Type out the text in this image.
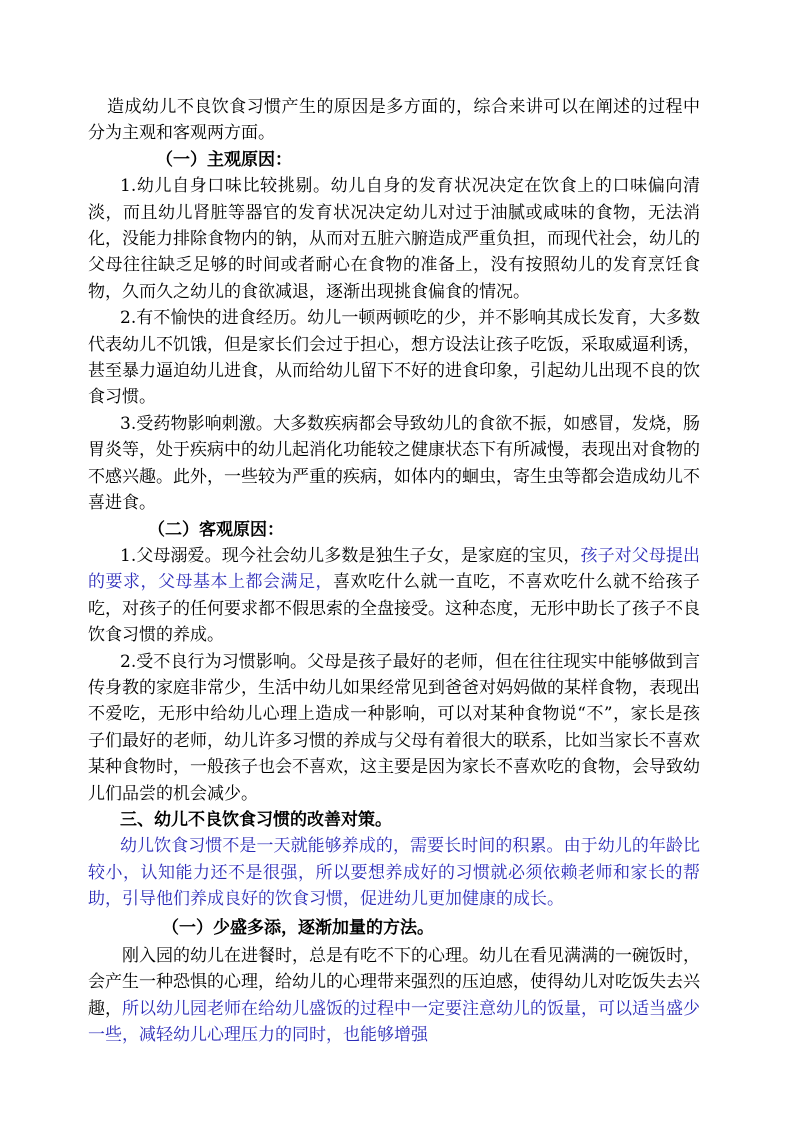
造成幼儿不良饮食习惯产生的原因是多方面的，综合来讲可以在阐述的过程中分为主观和客观两方面。

（一）主观原因：

1.幼儿自身口味比较挑剔。幼儿自身的发育状况决定在饮食上的口味偏向清淡，而且幼儿肾脏等器官的发育状况决定幼儿对过于油腻或咸味的食物，无法消化，没能力排除食物内的钠，从而对五脏六腑造成严重负担，而现代社会，幼儿的父母往往缺乏足够的时间或者耐心在食物的准备上，没有按照幼儿的发育烹饪食物，久而久之幼儿的食欲减退，逐渐出现挑食偏食的情况。

2.有不愉快的进食经历。幼儿一顿两顿吃的少，并不影响其成长发育，大多数代表幼儿不饥饿，但是家长们会过于担心，想方设法让孩子吃饭，采取威逼利诱，甚至暴力逼迫幼儿进食，从而给幼儿留下不好的进食印象，引起幼儿出现不良的饮食习惯。

3.受药物影响刺激。大多数疾病都会导致幼儿的食欲不振，如感冒，发烧，肠胃炎等，处于疾病中的幼儿起消化功能较之健康状态下有所减慢，表现出对食物的不感兴趣。此外，一些较为严重的疾病，如体内的蛔虫，寄生虫等都会造成幼儿不喜进食。

（二）客观原因：

1.父母溺爱。现今社会幼儿多数是独生子女，是家庭的宝贝，孩子对父母提出的要求，父母基本上都会满足，喜欢吃什么就一直吃，不喜欢吃什么就不给孩子吃，对孩子的任何要求都不假思索的全盘接受。这种态度，无形中助长了孩子不良饮食习惯的养成。

2.受不良行为习惯影响。父母是孩子最好的老师，但在往往现实中能够做到言传身教的家庭非常少，生活中幼儿如果经常见到爸爸对妈妈做的某样食物，表现出不爱吃，无形中给幼儿心理上造成一种影响，可以对某种食物说“不”，家长是孩子们最好的老师，幼儿许多习惯的养成与父母有着很大的联系，比如当家长不喜欢某种食物时，一般孩子也会不喜欢，这主要是因为家长不喜欢吃的食物，会导致幼儿们品尝的机会减少。

三、幼儿不良饮食习惯的改善对策。

幼儿饮食习惯不是一天就能够养成的，需要长时间的积累。由于幼儿的年龄比较小，认知能力还不是很强，所以要想养成好的习惯就必须依赖老师和家长的帮助，引导他们养成良好的饮食习惯，促进幼儿更加健康的成长。

（一）少盛多添，逐渐加量的方法。

刚入园的幼儿在进餐时，总是有吃不下的心理。幼儿在看见满满的一碗饭时，会产生一种恐惧的心理，给幼儿的心理带来强烈的压迫感，使得幼儿对吃饭失去兴趣，所以幼儿园老师在给幼儿盛饭的过程中一定要注意幼儿的饭量，可以适当盛少一些，减轻幼儿心理压力的同时，也能够增强
